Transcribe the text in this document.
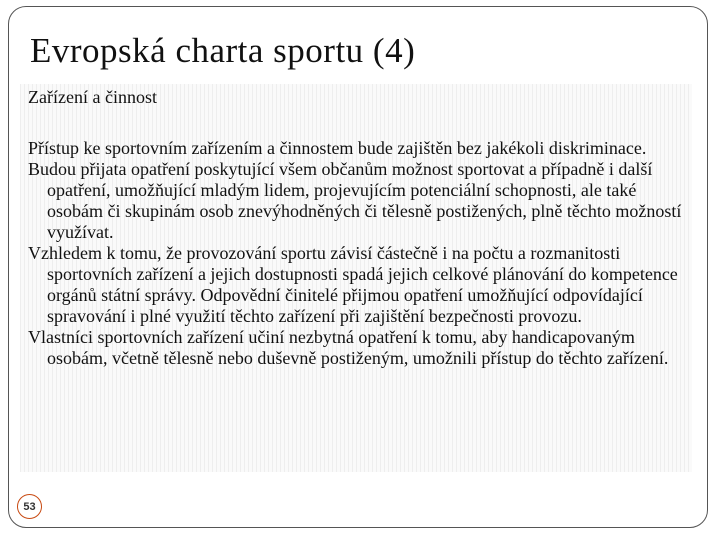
Evropská charta sportu (4)

Zařízení a činnost

Přístup ke sportovním zařízením a činnostem bude zajištěn bez jakékoli diskriminace.

Budou přijata opatření poskytující všem občanům možnost sportovat a případně i další opatření, umožňující mladým lidem, projevujícím potenciální schopnosti, ale také osobám či skupinám osob znevýhodněných či tělesně postižených, plně těchto možností využívat.

Vzhledem k tomu, že provozování sportu závisí částečně i na počtu a rozmanitosti sportovních zařízení a jejich dostupnosti spadá jejich celkové plánování do kompetence orgánů státní správy. Odpovědní činitelé přijmou opatření umožňující odpovídající spravování i plné využití těchto zařízení při zajištění bezpečnosti provozu.

Vlastníci sportovních zařízení učiní nezbytná opatření k tomu, aby handicapovaným osobám, včetně tělesně nebo duševně postiženým, umožnili přístup do těchto zařízení.

53
